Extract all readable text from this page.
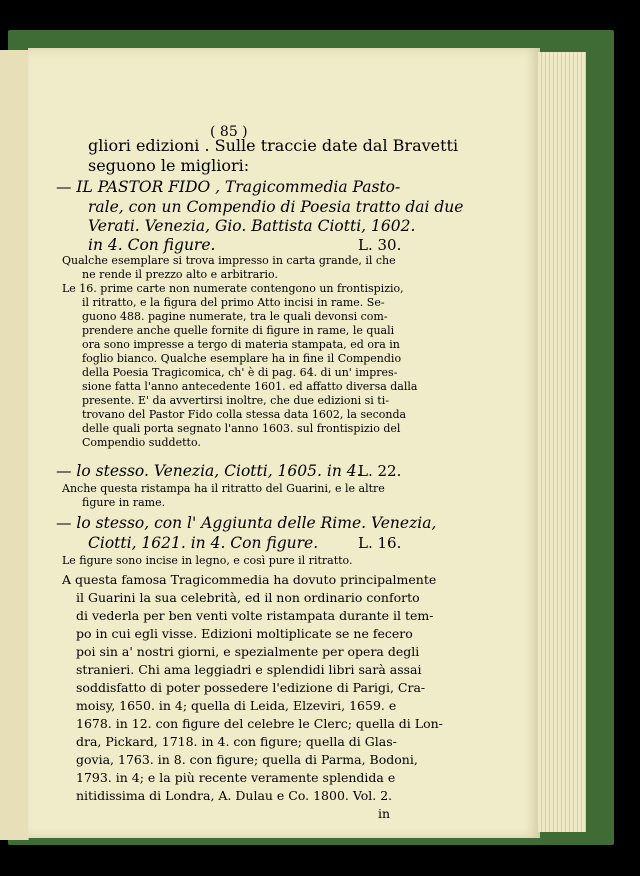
( 85 )
gliori edizioni . Sulle traccie date dal Bravetti
seguono le migliori:
— IL PASTOR FIDO , Tragicommedia Pasto-
rale, con un Compendio di Poesia tratto dai due
Verati. Venezia, Gio. Battista Ciotti, 1602.
in 4. Con figure.
Qualche esemplare si trova impresso in carta grande, il che
ne rende il prezzo alto e arbitrario.
Le 16. prime carte non numerate contengono un frontispizio,
il ritratto, e la figura del primo Atto incisi in rame. Se-
guono 488. pagine numerate, tra le quali devonsi com-
prendere anche quelle fornite di figure in rame, le quali
ora sono impresse a tergo di materia stampata, ed ora in
foglio bianco. Qualche esemplare ha in fine il Compendio
della Poesia Tragicomica, ch' è di pag. 64. di un' impres-
sione fatta l'anno antecedente 1601. ed affatto diversa dalla
presente. E' da avvertirsi inoltre, che due edizioni si ti-
trovano del Pastor Fido colla stessa data 1602, la seconda
delle quali porta segnato l'anno 1603. sul frontispizio del
Compendio suddetto.
— lo stesso. Venezia, Ciotti, 1605. in 4.
Anche questa ristampa ha il ritratto del Guarini, e le altre
figure in rame.
— lo stesso, con l' Aggiunta delle Rime. Venezia,
Ciotti, 1621. in 4. Con figure.
Le figure sono incise in legno, e così pure il ritratto.
A questa famosa Tragicommedia ha dovuto principalmente
il Guarini la sua celebrità, ed il non ordinario conforto
di vederla per ben venti volte ristampata durante il tem-
po in cui egli visse. Edizioni moltiplicate se ne fecero
poi sin a' nostri giorni, e spezialmente per opera degli
stranieri. Chi ama leggiadri e splendidi libri sarà assai
soddisfatto di poter possedere l'edizione di Parigi, Cra-
moisy, 1650. in 4; quella di Leida, Elzeviri, 1659. e
1678. in 12. con figure del celebre le Clerc; quella di Lon-
dra, Pickard, 1718. in 4. con figure; quella di Glas-
govia, 1763. in 8. con figure; quella di Parma, Bodoni,
1793. in 4; e la più recente veramente splendida e
nitidissima di Londra, A. Dulau e Co. 1800. Vol. 2.
in
L. 30.
L. 22.
L. 16.
